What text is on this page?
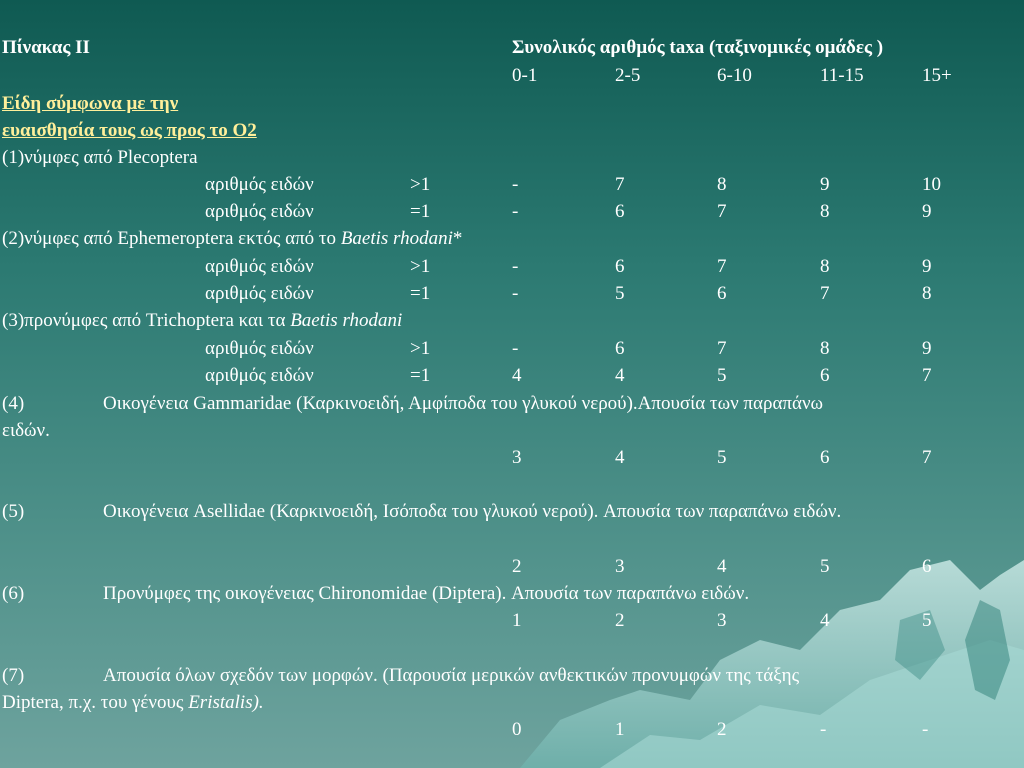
Πίνακας ΙΙ	Συνολικός αριθμός taxa (ταξινομικές ομάδες )
0-1	2-5	6-10	11-15	15+
Είδη σύμφωνα με την
ευαισθησία τους ως προς το Ο2
(1)νύμφες από Plecoptera
αριθμός ειδών	>1	-	7	8	9	10
αριθμός ειδών	=1	-	6	7	8	9
(2)νύμφες από Ephemeroptera εκτός από το Baetis rhodani*
αριθμός ειδών	>1	-	6	7	8	9
αριθμός ειδών	=1	-	5	6	7	8
(3)προνύμφες από Trichoptera και τα Baetis rhodani
αριθμός ειδών	>1	-	6	7	8	9
αριθμός ειδών	=1	4	4	5	6	7
(4)	Οικογένεια Gammaridae (Καρκινοειδή, Αμφίποδα του γλυκού νερού).Απουσία των παραπάνω
ειδών.
3	4	5	6	7
(5)	Οικογένεια Asellidae (Καρκινοειδή, Ισόποδα του γλυκού νερού). Απουσία των παραπάνω ειδών.
2	3	4	5	6
(6)	Προνύμφες της οικογένειας Chironomidae (Diptera). Απουσία των παραπάνω ειδών.
1	2	3	4	5
(7)	Απουσία όλων σχεδόν των μορφών. (Παρουσία μερικών ανθεκτικών προνυμφών της τάξης
Diptera, π.χ. του γένους Eristalis).
0	1	2	-	-
